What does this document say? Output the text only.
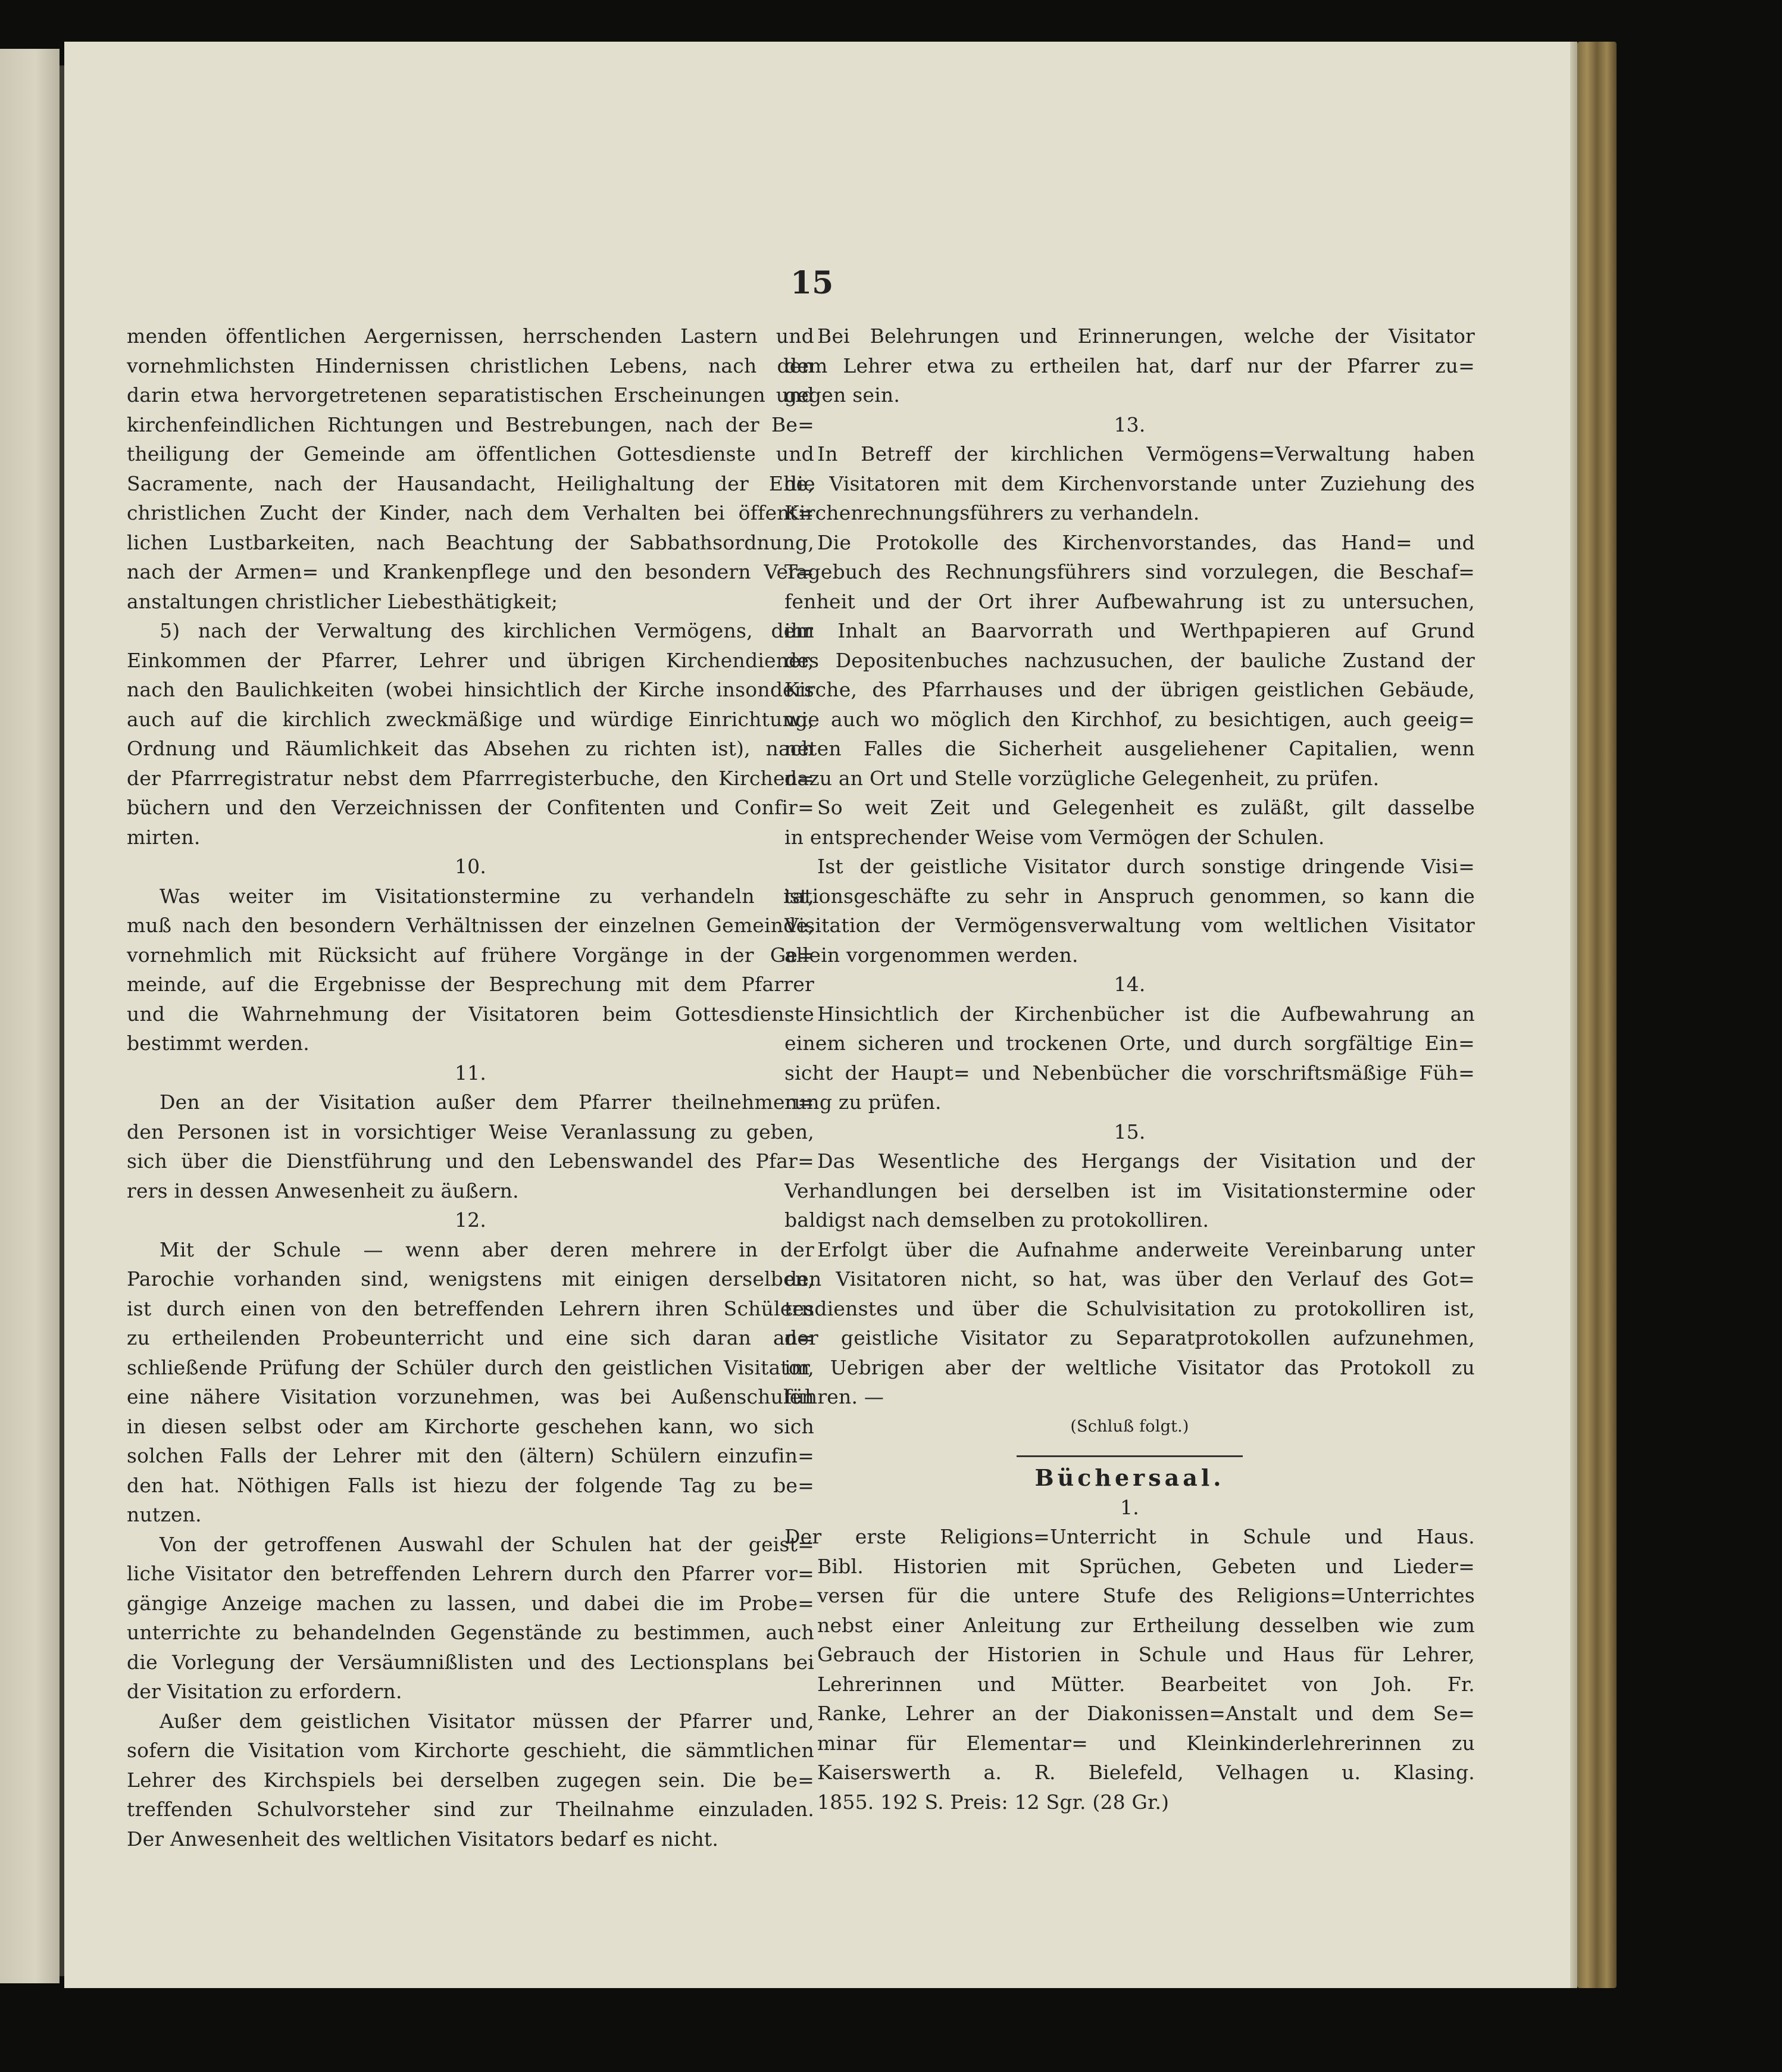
15
menden öffentlichen Aergernissen, herrschenden Lastern und
vornehmlichsten Hindernissen christlichen Lebens, nach den
darin etwa hervorgetretenen separatistischen Erscheinungen und
kirchenfeindlichen Richtungen und Bestrebungen, nach der Be=
theiligung der Gemeinde am öffentlichen Gottesdienste und
Sacramente, nach der Hausandacht, Heilighaltung der Ehe,
christlichen Zucht der Kinder, nach dem Verhalten bei öffent=
lichen Lustbarkeiten, nach Beachtung der Sabbathsordnung,
nach der Armen= und Krankenpflege und den besondern Ver=
anstaltungen christlicher Liebesthätigkeit;
5) nach der Verwaltung des kirchlichen Vermögens, dem
Einkommen der Pfarrer, Lehrer und übrigen Kirchendiener,
nach den Baulichkeiten (wobei hinsichtlich der Kirche insonders
auch auf die kirchlich zweckmäßige und würdige Einrichtung,
Ordnung und Räumlichkeit das Absehen zu richten ist), nach
der Pfarrregistratur nebst dem Pfarrregisterbuche, den Kirchen=
büchern und den Verzeichnissen der Confitenten und Confir=
mirten.
10.
Was weiter im Visitationstermine zu verhandeln ist,
muß nach den besondern Verhältnissen der einzelnen Gemeinde,
vornehmlich mit Rücksicht auf frühere Vorgänge in der Ge=
meinde, auf die Ergebnisse der Besprechung mit dem Pfarrer
und die Wahrnehmung der Visitatoren beim Gottesdienste
bestimmt werden.
11.
Den an der Visitation außer dem Pfarrer theilnehmen=
den Personen ist in vorsichtiger Weise Veranlassung zu geben,
sich über die Dienstführung und den Lebenswandel des Pfar=
rers in dessen Anwesenheit zu äußern.
12.
Mit der Schule — wenn aber deren mehrere in der
Parochie vorhanden sind, wenigstens mit einigen derselben,
ist durch einen von den betreffenden Lehrern ihren Schülern
zu ertheilenden Probeunterricht und eine sich daran an=
schließende Prüfung der Schüler durch den geistlichen Visitator,
eine nähere Visitation vorzunehmen, was bei Außenschulen
in diesen selbst oder am Kirchorte geschehen kann, wo sich
solchen Falls der Lehrer mit den (ältern) Schülern einzufin=
den hat. Nöthigen Falls ist hiezu der folgende Tag zu be=
nutzen.
Von der getroffenen Auswahl der Schulen hat der geist=
liche Visitator den betreffenden Lehrern durch den Pfarrer vor=
gängige Anzeige machen zu lassen, und dabei die im Probe=
unterrichte zu behandelnden Gegenstände zu bestimmen, auch
die Vorlegung der Versäumnißlisten und des Lectionsplans bei
der Visitation zu erfordern.
Außer dem geistlichen Visitator müssen der Pfarrer und,
sofern die Visitation vom Kirchorte geschieht, die sämmtlichen
Lehrer des Kirchspiels bei derselben zugegen sein. Die be=
treffenden Schulvorsteher sind zur Theilnahme einzuladen.
Der Anwesenheit des weltlichen Visitators bedarf es nicht.
Bei Belehrungen und Erinnerungen, welche der Visitator
dem Lehrer etwa zu ertheilen hat, darf nur der Pfarrer zu=
gegen sein.
13.
In Betreff der kirchlichen Vermögens=Verwaltung haben
die Visitatoren mit dem Kirchenvorstande unter Zuziehung des
Kirchenrechnungsführers zu verhandeln.
Die Protokolle des Kirchenvorstandes, das Hand= und
Tagebuch des Rechnungsführers sind vorzulegen, die Beschaf=
fenheit und der Ort ihrer Aufbewahrung ist zu untersuchen,
ihr Inhalt an Baarvorrath und Werthpapieren auf Grund
des Depositenbuches nachzusuchen, der bauliche Zustand der
Kirche, des Pfarrhauses und der übrigen geistlichen Gebäude,
wie auch wo möglich den Kirchhof, zu besichtigen, auch geeig=
neten Falles die Sicherheit ausgeliehener Capitalien, wenn
dazu an Ort und Stelle vorzügliche Gelegenheit, zu prüfen.
So weit Zeit und Gelegenheit es zuläßt, gilt dasselbe
in entsprechender Weise vom Vermögen der Schulen.
Ist der geistliche Visitator durch sonstige dringende Visi=
tationsgeschäfte zu sehr in Anspruch genommen, so kann die
Visitation der Vermögensverwaltung vom weltlichen Visitator
allein vorgenommen werden.
14.
Hinsichtlich der Kirchenbücher ist die Aufbewahrung an
einem sicheren und trockenen Orte, und durch sorgfältige Ein=
sicht der Haupt= und Nebenbücher die vorschriftsmäßige Füh=
rung zu prüfen.
15.
Das Wesentliche des Hergangs der Visitation und der
Verhandlungen bei derselben ist im Visitationstermine oder
baldigst nach demselben zu protokolliren.
Erfolgt über die Aufnahme anderweite Vereinbarung unter
den Visitatoren nicht, so hat, was über den Verlauf des Got=
tesdienstes und über die Schulvisitation zu protokolliren ist,
der geistliche Visitator zu Separatprotokollen aufzunehmen,
im Uebrigen aber der weltliche Visitator das Protokoll zu
führen. —
(Schluß folgt.)
Büchersaal.
1.
Der erste Religions=Unterricht in Schule und Haus.
Bibl. Historien mit Sprüchen, Gebeten und Lieder=
versen für die untere Stufe des Religions=Unterrichtes
nebst einer Anleitung zur Ertheilung desselben wie zum
Gebrauch der Historien in Schule und Haus für Lehrer,
Lehrerinnen und Mütter. Bearbeitet von Joh. Fr.
Ranke, Lehrer an der Diakonissen=Anstalt und dem Se=
minar für Elementar= und Kleinkinderlehrerinnen zu
Kaiserswerth a. R. Bielefeld, Velhagen u. Klasing.
1855. 192 S. Preis: 12 Sgr. (28 Gr.)
